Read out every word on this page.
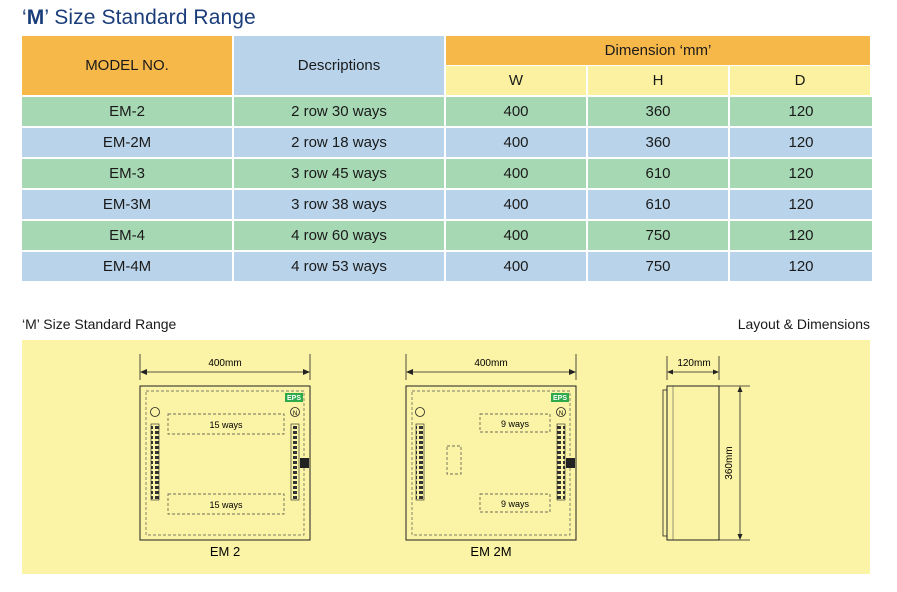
‘M’ Size Standard Range
MODEL NO.	Descriptions
Dimension ‘mm’
W	H	D
EM-2	2 row 30 ways	400	360	120
EM-2M	2 row 18 ways	400	360	120
EM-3	3 row 45 ways	400	610	120
EM-3M	3 row 38 ways	400	610	120
EM-4	4 row 60 ways	400	750	120
EM-4M	4 row 53 ways	400	750	120
‘M’ Size Standard Range	Layout & Dimensions
400mm
EPS
N
15 ways
15 ways
EM 2
400mm
EPS
N
9 ways
9 ways
EM 2M
120mm
360mm
